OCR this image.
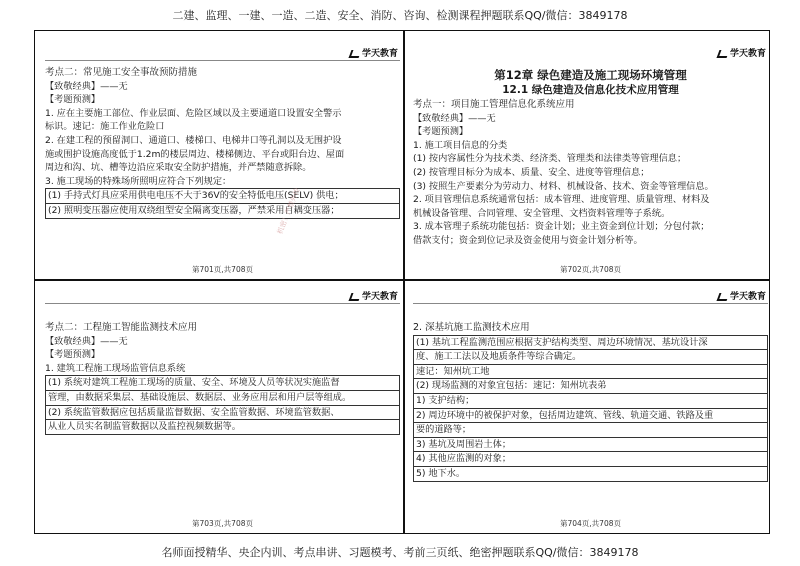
二建、监理、一建、一造、二造、安全、消防、咨询、检测课程押题联系QQ/微信：3849178
学天教育

考点二：常见施工安全事故预防措施

【致敬经典】——无

【考题预测】

1. 应在主要施工部位、作业层面、危险区域以及主要通道口设置安全警示

标识。速记：施工作业危险口

2. 在建工程的预留洞口、通道口、楼梯口、电梯井口等孔洞以及无围护设

施或围护设施高度低于1.2m的楼层周边、楼梯侧边、平台或阳台边、屋面

周边和沟、坑、槽等边沿应采取安全防护措施，并严禁随意拆除。

3. 施工现场的特殊场所照明应符合下列规定：

(1) 手持式灯具应采用供电电压不大于36V的安全特低电压(SELV) 供电；

(2) 照明变压器应使用双绕组型安全隔离变压器，严禁采用自耦变压器；

第701页,共708页
机密！严禁外传
学天教育

第12章 绿色建造及施工现场环境管理

12.1 绿色建造及信息化技术应用管理

考点一：项目施工管理信息化系统应用

【致敬经典】——无

【考题预测】

1. 施工项目信息的分类

(1) 按内容属性分为技术类、经济类、管理类和法律类等管理信息；

(2) 按管理目标分为成本、质量、安全、进度等管理信息；

(3) 按照生产要素分为劳动力、材料、机械设备、技术、资金等管理信息。

2. 项目管理信息系统通常包括：成本管理、进度管理、质量管理、材料及

机械设备管理、合同管理、安全管理、文档资料管理等子系统。

3. 成本管理子系统功能包括：资金计划；业主资金到位计划；分包付款；

借款支付；资金到位记录及资金使用与资金计划分析等。

第702页,共708页
学天教育

考点二：工程施工智能监测技术应用

【致敬经典】——无

【考题预测】

1. 建筑工程施工现场监管信息系统

(1) 系统对建筑工程施工现场的质量、安全、环境及人员等状况实施监督

管理，由数据采集层、基础设施层、数据层、业务应用层和用户层等组成。

(2) 系统监管数据应包括质量监督数据、安全监管数据、环境监管数据、

从业人员实名制监管数据以及监控视频数据等。

第703页,共708页
学天教育

2. 深基坑施工监测技术应用

(1) 基坑工程监测范围应根据支护结构类型、周边环境情况、基坑设计深

度、施工工法以及地质条件等综合确定。

速记：知州坑工地

(2) 现场监测的对象宜包括：速记：知州坑表弟

1) 支护结构；

2) 周边环境中的被保护对象，包括周边建筑、管线、轨道交通、铁路及重

要的道路等；

3) 基坑及周围岩土体；

4) 其他应监测的对象；

5) 地下水。

第704页,共708页
名师面授精华、央企内训、考点串讲、习题模考、考前三页纸、绝密押题联系QQ/微信：3849178
